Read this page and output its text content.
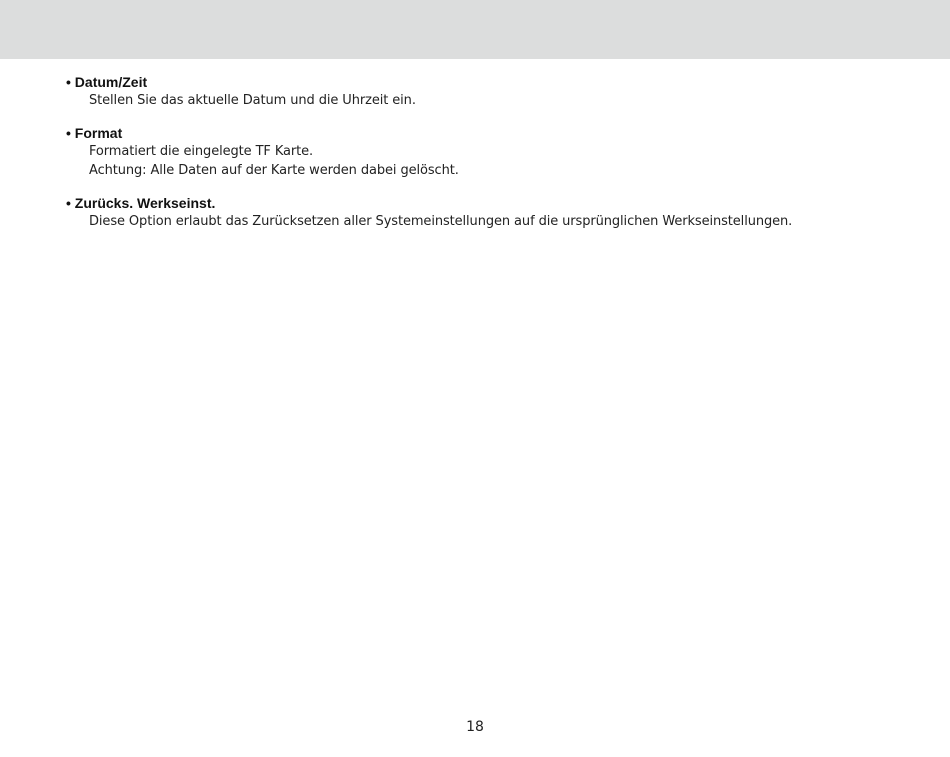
• Datum/Zeit
Stellen Sie das aktuelle Datum und die Uhrzeit ein.
• Format
Formatiert die eingelegte TF Karte.
Achtung: Alle Daten auf der Karte werden dabei gelöscht.
• Zurücks. Werkseinst.
Diese Option erlaubt das Zurücksetzen aller Systemeinstellungen auf die ursprünglichen Werkseinstellungen.
18
